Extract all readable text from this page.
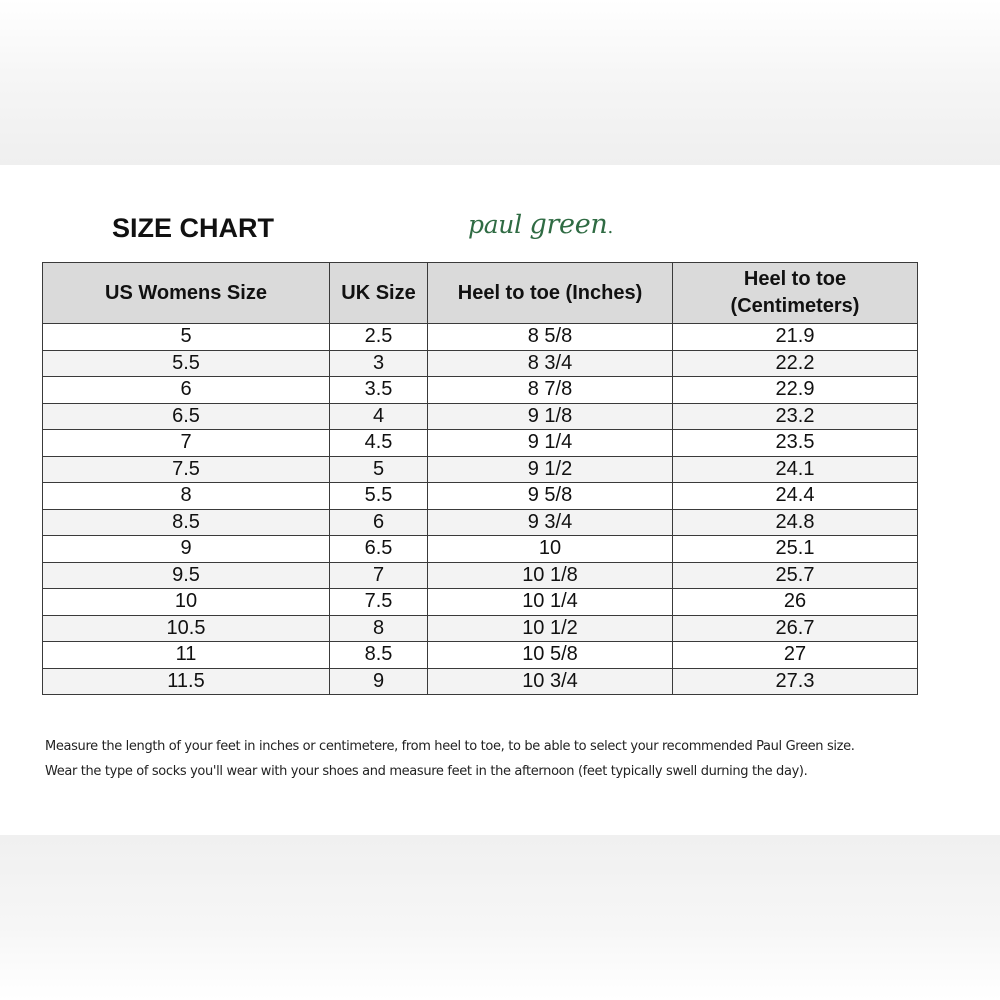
SIZE CHART	paul green.
US Womens Size	UK Size	Heel to toe (Inches)	Heel to toe
(Centimeters)
5	2.5	8 5/8	21.9
5.5	3	8 3/4	22.2
6	3.5	8 7/8	22.9
6.5	4	9 1/8	23.2
7	4.5	9 1/4	23.5
7.5	5	9 1/2	24.1
8	5.5	9 5/8	24.4
8.5	6	9 3/4	24.8
9	6.5	10	25.1
9.5	7	10 1/8	25.7
10	7.5	10 1/4	26
10.5	8	10 1/2	26.7
11	8.5	10 5/8	27
11.5	9	10 3/4	27.3
Measure the length of your feet in inches or centimetere, from heel to toe, to be able to select your recommended Paul Green size.
Wear the type of socks you'll wear with your shoes and measure feet in the afternoon (feet typically swell durning the day).
